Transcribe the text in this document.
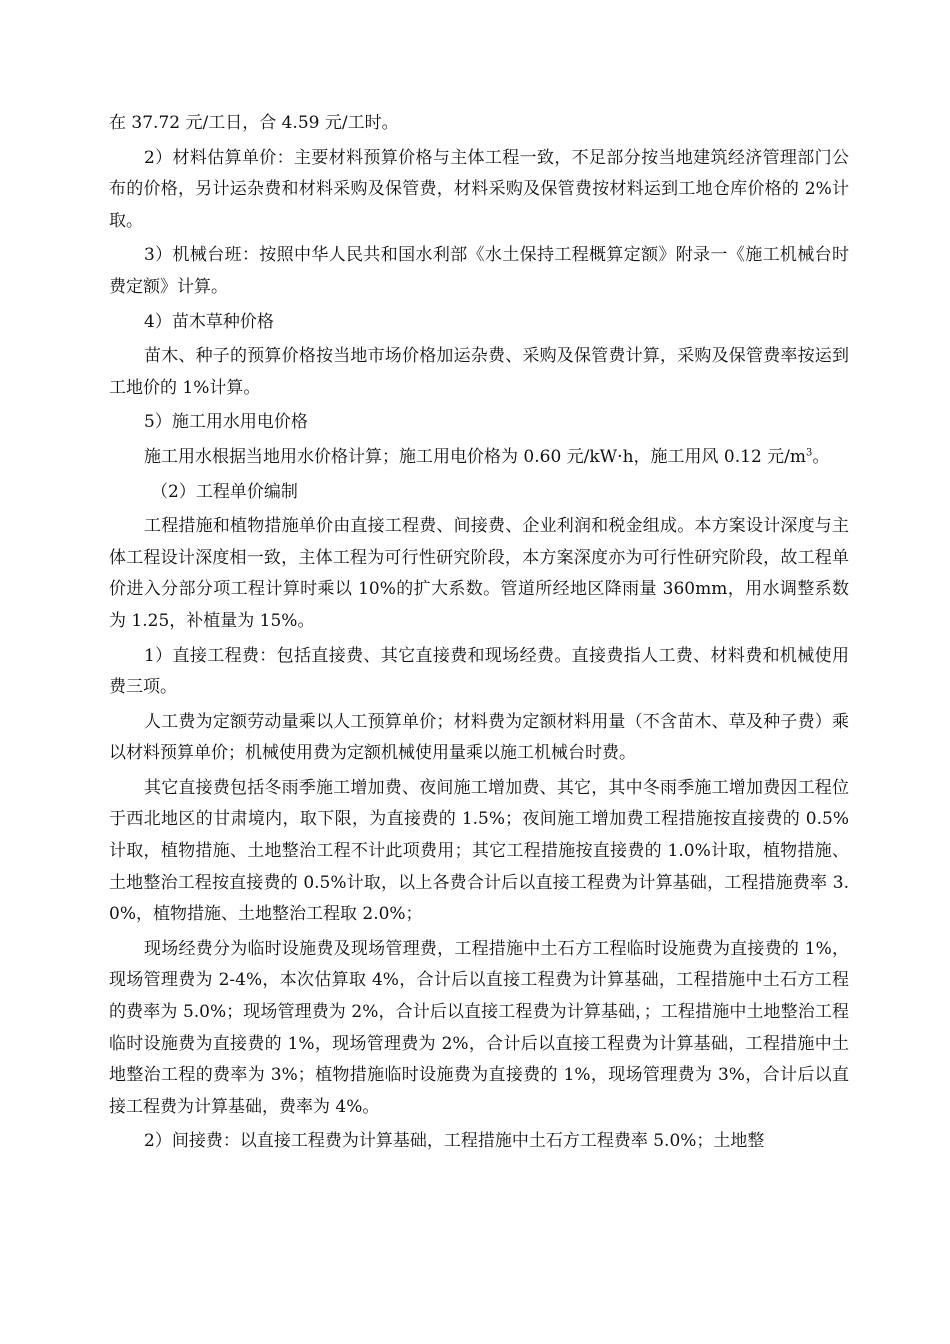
在 37.72 元/工日，合 4.59 元/工时。

2）材料估算单价：主要材料预算价格与主体工程一致，不足部分按当地建筑经济管理部门公布的价格，另计运杂费和材料采购及保管费，材料采购及保管费按材料运到工地仓库价格的 2%计取。

3）机械台班：按照中华人民共和国水利部《水土保持工程概算定额》附录一《施工机械台时费定额》计算。

4）苗木草种价格

苗木、种子的预算价格按当地市场价格加运杂费、采购及保管费计算，采购及保管费率按运到工地价的 1%计算。

5）施工用水用电价格

施工用水根据当地用水价格计算；施工用电价格为 0.60 元/kW·h，施工用风 0.12 元$/m^3$。

（2）工程单价编制

工程措施和植物措施单价由直接工程费、间接费、企业利润和税金组成。本方案设计深度与主体工程设计深度相一致，主体工程为可行性研究阶段，本方案深度亦为可行性研究阶段，故工程单价进入分部分项工程计算时乘以 10%的扩大系数。管道所经地区降雨量 360mm，用水调整系数为 1.25，补植量为 15%。

1）直接工程费：包括直接费、其它直接费和现场经费。直接费指人工费、材料费和机械使用费三项。

人工费为定额劳动量乘以人工预算单价；材料费为定额材料用量（不含苗木、草及种子费）乘以材料预算单价；机械使用费为定额机械使用量乘以施工机械台时费。

其它直接费包括冬雨季施工增加费、夜间施工增加费、其它，其中冬雨季施工增加费因工程位于西北地区的甘肃境内，取下限，为直接费的 1.5%；夜间施工增加费工程措施按直接费的 0.5%计取，植物措施、土地整治工程不计此项费用；其它工程措施按直接费的 1.0%计取，植物措施、土地整治工程按直接费的 0.5%计取，以上各费合计后以直接工程费为计算基础，工程措施费率 3.0%，植物措施、土地整治工程取 2.0%；

现场经费分为临时设施费及现场管理费，工程措施中土石方工程临时设施费为直接费的 1%，现场管理费为 2-4%，本次估算取 4%，合计后以直接工程费为计算基础，工程措施中土石方工程的费率为 5.0%；现场管理费为 2%，合计后以直接工程费为计算基础，；工程措施中土地整治工程临时设施费为直接费的 1%，现场管理费为 2%，合计后以直接工程费为计算基础，工程措施中土地整治工程的费率为 3%；植物措施临时设施费为直接费的 1%，现场管理费为 3%，合计后以直接工程费为计算基础，费率为 4%。

2）间接费：以直接工程费为计算基础，工程措施中土石方工程费率 5.0%；土地整
